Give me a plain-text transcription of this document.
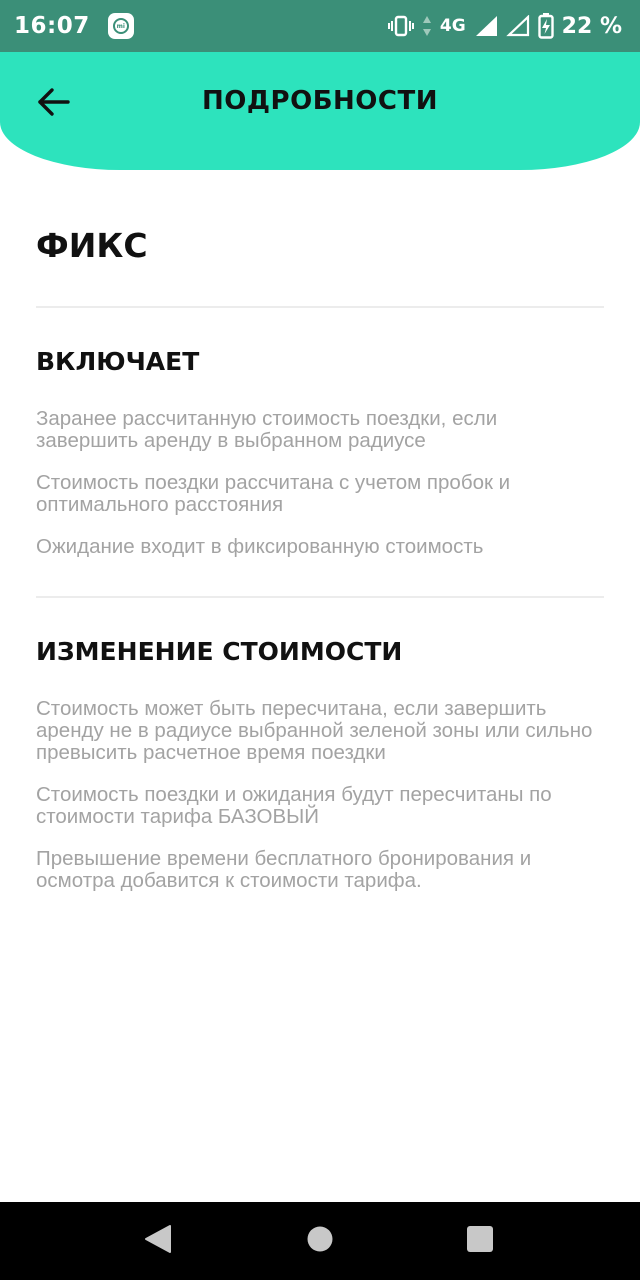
16:07	mi	4G	22 %
ПОДРОБНОСТИ
ФИКС
ВКЛЮЧАЕТ
Заранее рассчитанную стоимость поездки, если завершить аренду в выбранном радиусе
Стоимость поездки рассчитана с учетом пробок и оптимального расстояния
Ожидание входит в фиксированную стоимость
ИЗМЕНЕНИЕ СТОИМОСТИ
Стоимость может быть пересчитана, если завершить аренду не в радиусе выбранной зеленой зоны или сильно превысить расчетное время поездки
Стоимость поездки и ожидания будут пересчитаны по стоимости тарифа БАЗОВЫЙ
Превышение времени бесплатного бронирования и осмотра добавится к стоимости тарифа.
